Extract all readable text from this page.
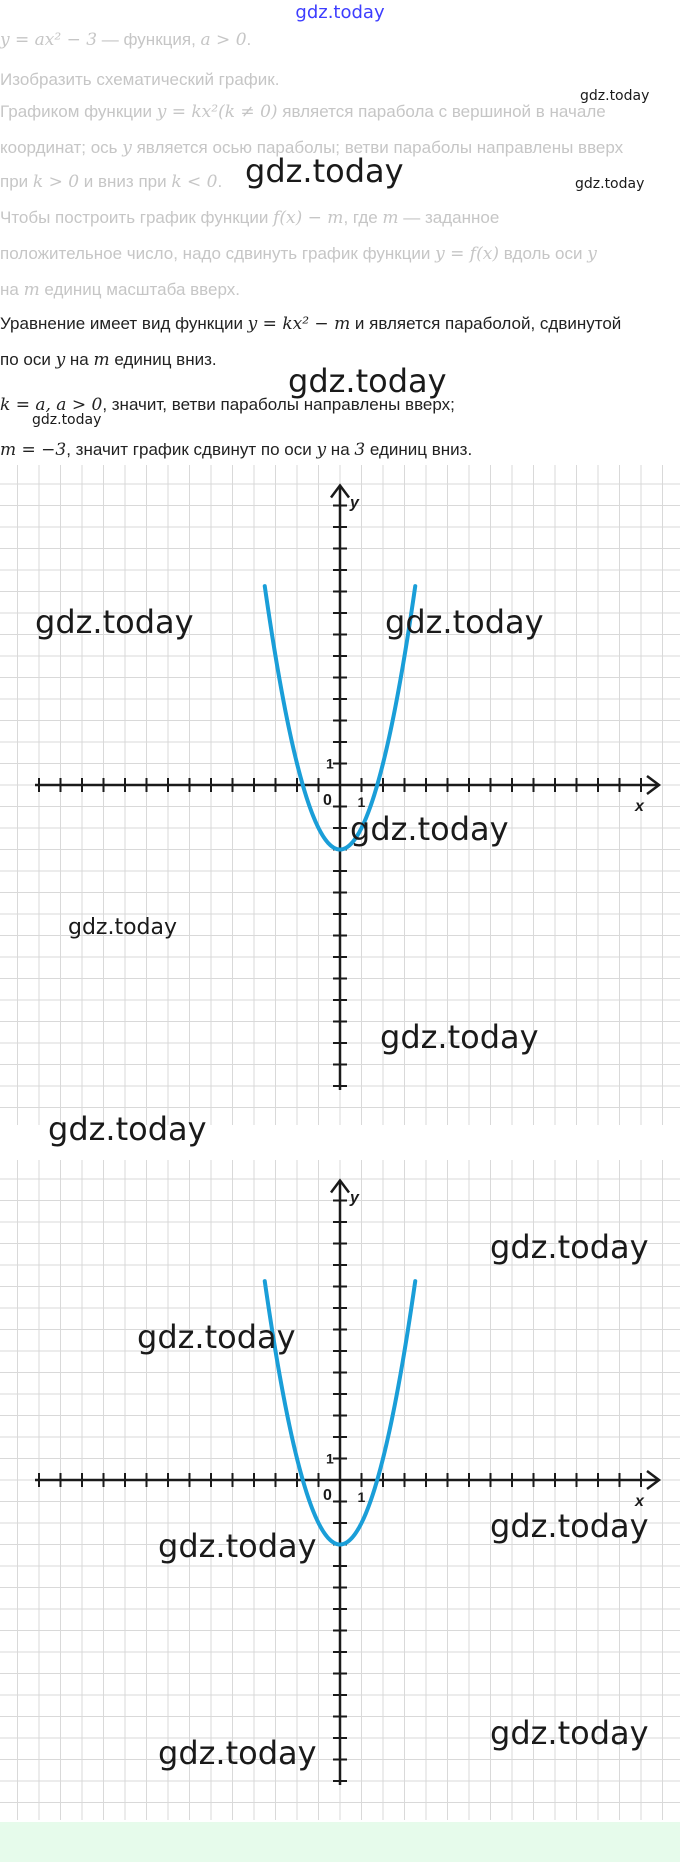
gdz.today
y = ax² − 3 — функция, a > 0.
Изобразить схематический график.
Графиком функции y = kx²(k ≠ 0) является парабола с вершиной в начале
координат; ось y является осью параболы; ветви параболы направлены вверх
при k > 0 и вниз при k < 0.
Чтобы построить график функции f(x) − m, где m — заданное
положительное число, надо сдвинуть график функции y = f(x) вдоль оси y
на m единиц масштаба вверх.
Уравнение имеет вид функции y = kx² − m и является параболой, сдвинутой
по оси y на m единиц вниз.
k = a, a > 0, значит, ветви параболы направлены вверх;
m = −3, значит график сдвинут по оси y на 3 единиц вниз.
x
y
0 1
1
x
y
0 1
1
gdz.today
gdz.today	gdz.today
gdz.today
gdz.today
gdz.today	gdz.today
gdz.today
gdz.today
gdz.today
gdz.today
gdz.today
gdz.today
gdz.today
gdz.today
gdz.today
gdz.today
